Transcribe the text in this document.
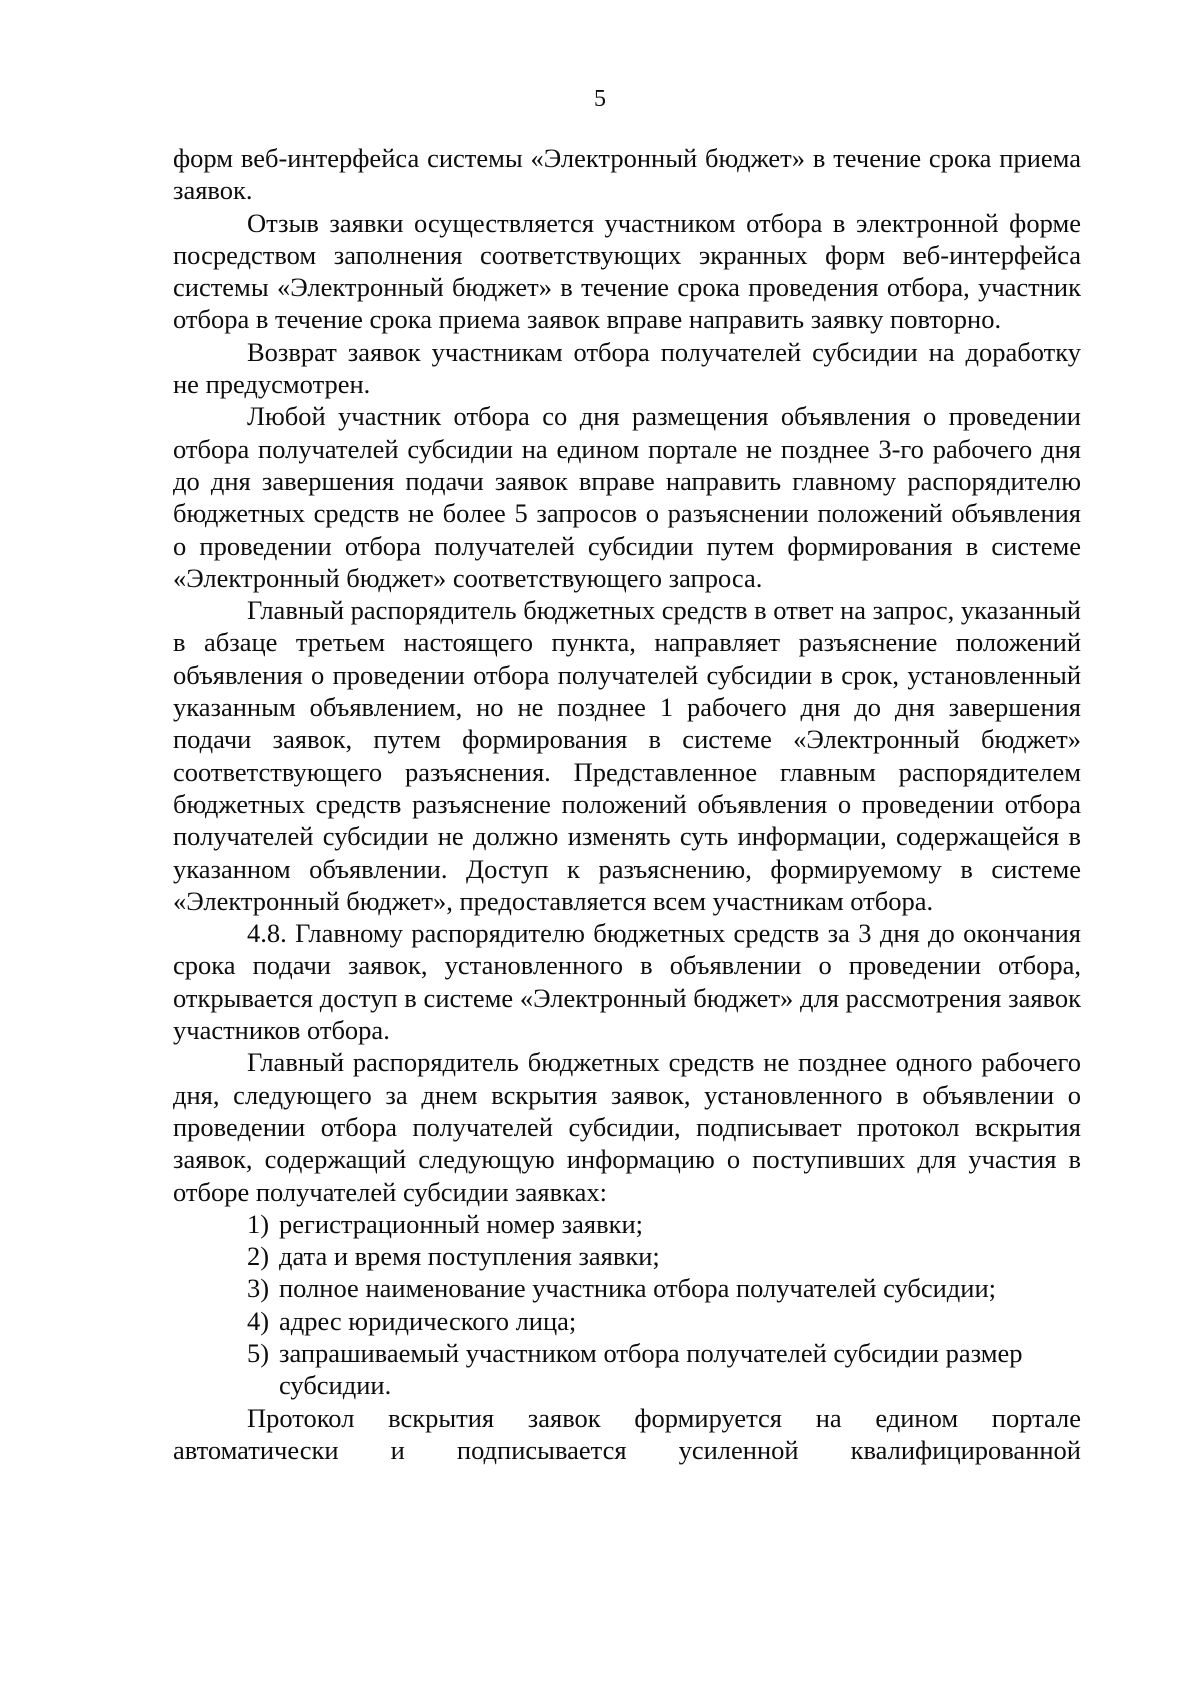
5

форм веб-интерфейса системы «Электронный бюджет» в течение срока приема заявок.

Отзыв заявки осуществляется участником отбора в электронной форме посредством заполнения соответствующих экранных форм веб-интерфейса системы «Электронный бюджет» в течение срока проведения отбора, участник отбора в течение срока приема заявок вправе направить заявку повторно.

Возврат заявок участникам отбора получателей субсидии на доработку не предусмотрен.

Любой участник отбора со дня размещения объявления о проведении отбора получателей субсидии на едином портале не позднее 3-го рабочего дня до дня завершения подачи заявок вправе направить главному распорядителю бюджетных средств не более 5 запросов о разъяснении положений объявления о проведении отбора получателей субсидии путем формирования в системе «Электронный бюджет» соответствующего запроса.

Главный распорядитель бюджетных средств в ответ на запрос, указанный в абзаце третьем настоящего пункта, направляет разъяснение положений объявления о проведении отбора получателей субсидии в срок, установленный указанным объявлением, но не позднее 1 рабочего дня до дня завершения подачи заявок, путем формирования в системе «Электронный бюджет» соответствующего разъяснения. Представленное главным распорядителем бюджетных средств разъяснение положений объявления о проведении отбора получателей субсидии не должно изменять суть информации, содержащейся в указанном объявлении. Доступ к разъяснению, формируемому в системе «Электронный бюджет», предоставляется всем участникам отбора.

4.8. Главному распорядителю бюджетных средств за 3 дня до окончания срока подачи заявок, установленного в объявлении о проведении отбора, открывается доступ в системе «Электронный бюджет» для рассмотрения заявок участников отбора.

Главный распорядитель бюджетных средств не позднее одного рабочего дня, следующего за днем вскрытия заявок, установленного в объявлении о проведении отбора получателей субсидии, подписывает протокол вскрытия заявок, содержащий следующую информацию о поступивших для участия в отборе получателей субсидии заявках:

1) регистрационный номер заявки;

2) дата и время поступления заявки;

3) полное наименование участника отбора получателей субсидии;

4) адрес юридического лица;

5) запрашиваемый участником отбора получателей субсидии размер субсидии.

Протокол вскрытия заявок формируется на едином портале автоматически и подписывается усиленной квалифицированной
